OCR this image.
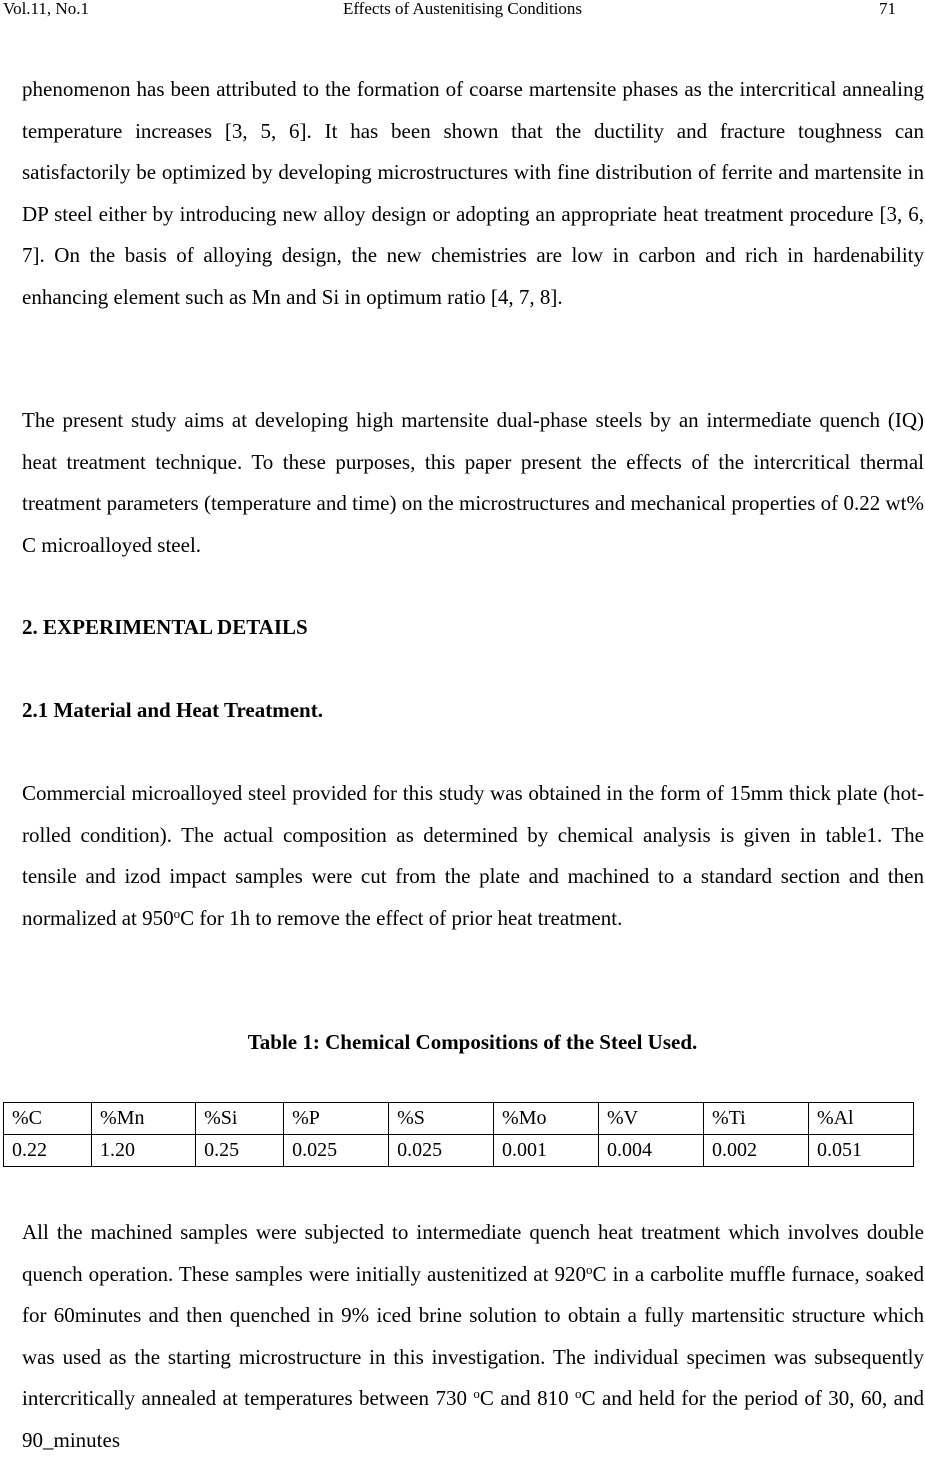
Vol.11, No.1	Effects of Austenitising Conditions	71

phenomenon has been attributed to the formation of coarse martensite phases as the intercritical annealing temperature increases [3, 5, 6]. It has been shown that the ductility and fracture toughness can satisfactorily be optimized by developing microstructures with fine distribution of ferrite and martensite in DP steel either by introducing new alloy design or adopting an appropriate heat treatment procedure [3, 6, 7]. On the basis of alloying design, the new chemistries are low in carbon and rich in hardenability enhancing element such as Mn and Si in optimum ratio [4, 7, 8].

The present study aims at developing high martensite dual-phase steels by an intermediate quench (IQ) heat treatment technique. To these purposes, this paper present the effects of the intercritical thermal treatment parameters (temperature and time) on the microstructures and mechanical properties of 0.22 wt% C microalloyed steel.

2. EXPERIMENTAL DETAILS
2.1 Material and Heat Treatment.

Commercial microalloyed steel provided for this study was obtained in the form of 15mm thick plate (hot-rolled condition). The actual composition as determined by chemical analysis is given in table1. The tensile and izod impact samples were cut from the plate and machined to a standard section and then normalized at 950$^o$C for 1h to remove the effect of prior heat treatment.

Table 1: Chemical Compositions of the Steel Used.
%C	%Mn	%Si	%P	%S	%Mo	%V	%Ti	%Al
0.22	1.20	0.25	0.025	0.025	0.001	0.004	0.002	0.051

All the machined samples were subjected to intermediate quench heat treatment which involves double quench operation. These samples were initially austenitized at 920$^o$C in a carbolite muffle furnace, soaked for 60minutes and then quenched in 9% iced brine solution to obtain a fully martensitic structure which was used as the starting microstructure in this investigation. The individual specimen was subsequently intercritically annealed at temperatures between 730 $^o$C and 810 $^o$C and held for the period of 30, 60, and 90_minutes
